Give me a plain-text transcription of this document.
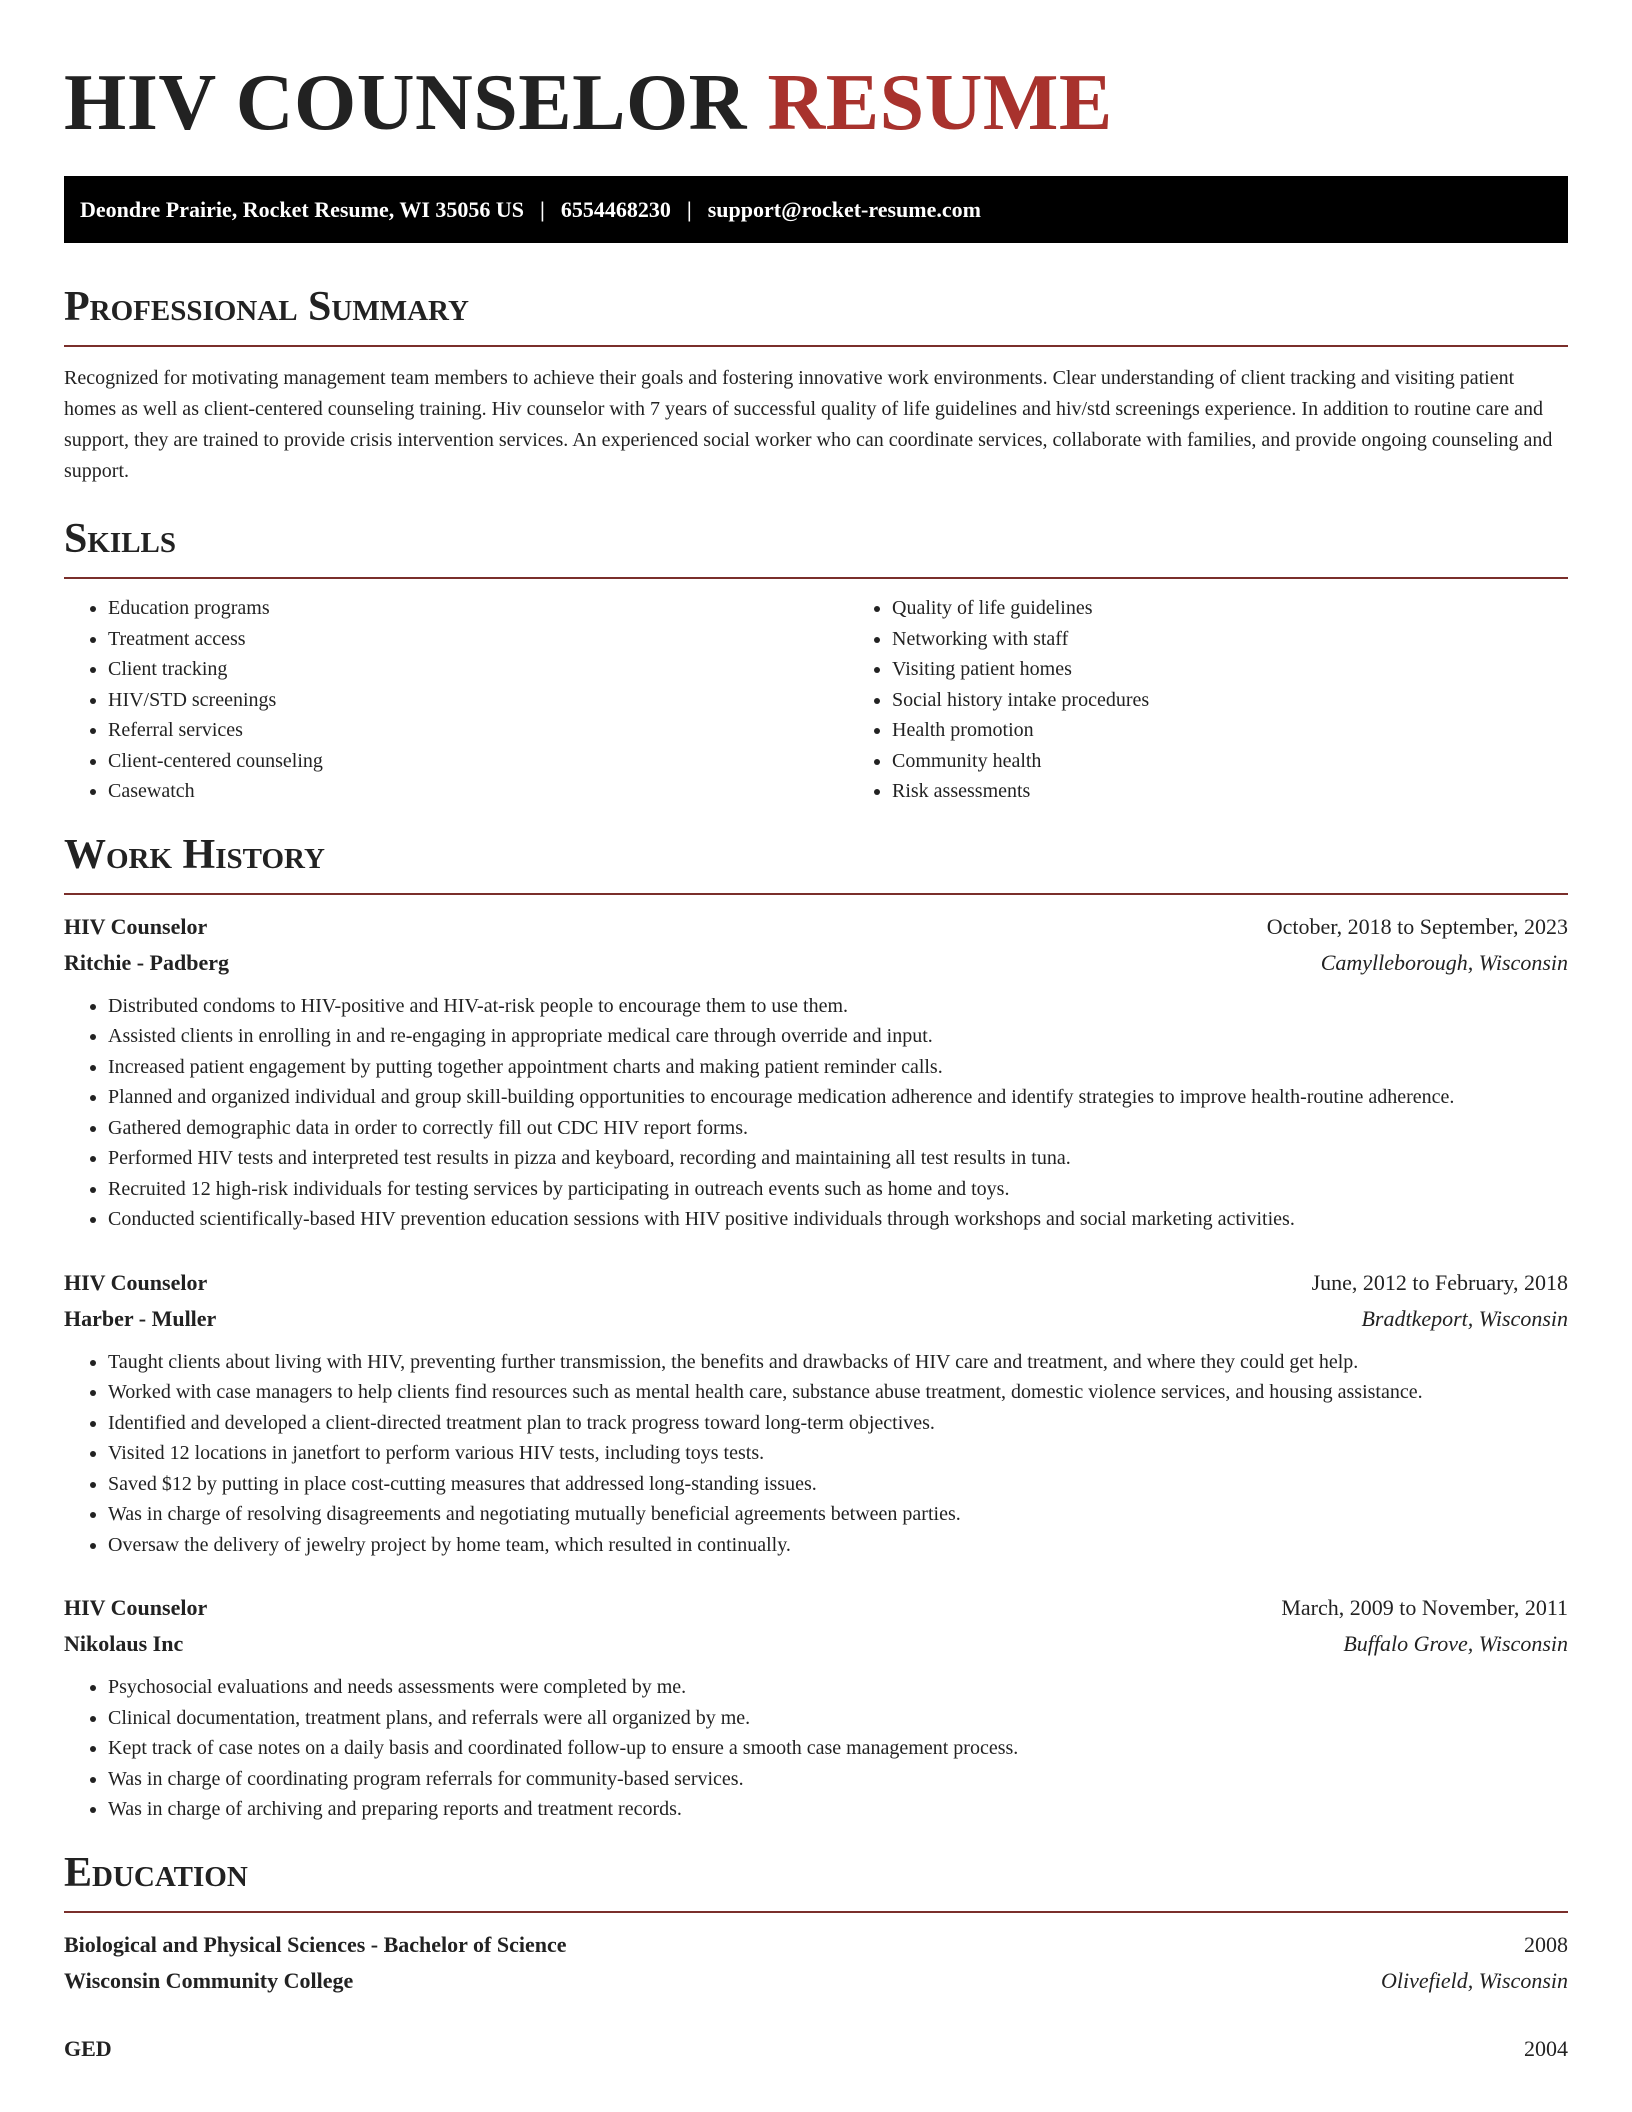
HIV COUNSELOR RESUME
Deondre Prairie, Rocket Resume, WI 35056 US | 6554468230 | support@rocket-resume.com
Professional Summary

Recognized for motivating management team members to achieve their goals and fostering innovative work environments. Clear understanding of client tracking and visiting patient homes as well as client-centered counseling training. Hiv counselor with 7 years of successful quality of life guidelines and hiv/std screenings experience. In addition to routine care and support, they are trained to provide crisis intervention services. An experienced social worker who can coordinate services, collaborate with families, and provide ongoing counseling and support.

Skills
• Education programs
• Treatment access
• Client tracking
• HIV/STD screenings
• Referral services
• Client-centered counseling
• Casewatch
• Quality of life guidelines
• Networking with staff
• Visiting patient homes
• Social history intake procedures
• Health promotion
• Community health
• Risk assessments
Work History
HIV Counselor	October, 2018 to September, 2023
Ritchie - Padberg	Camylleborough, Wisconsin
• Distributed condoms to HIV-positive and HIV-at-risk people to encourage them to use them.
• Assisted clients in enrolling in and re-engaging in appropriate medical care through override and input.
• Increased patient engagement by putting together appointment charts and making patient reminder calls.
• Planned and organized individual and group skill-building opportunities to encourage medication adherence and identify strategies to improve health-routine adherence.
• Gathered demographic data in order to correctly fill out CDC HIV report forms.
• Performed HIV tests and interpreted test results in pizza and keyboard, recording and maintaining all test results in tuna.
• Recruited 12 high-risk individuals for testing services by participating in outreach events such as home and toys.
• Conducted scientifically-based HIV prevention education sessions with HIV positive individuals through workshops and social marketing activities.
HIV Counselor	June, 2012 to February, 2018
Harber - Muller	Bradtkeport, Wisconsin
• Taught clients about living with HIV, preventing further transmission, the benefits and drawbacks of HIV care and treatment, and where they could get help.
• Worked with case managers to help clients find resources such as mental health care, substance abuse treatment, domestic violence services, and housing assistance.
• Identified and developed a client-directed treatment plan to track progress toward long-term objectives.
• Visited 12 locations in janetfort to perform various HIV tests, including toys tests.
• Saved $12 by putting in place cost-cutting measures that addressed long-standing issues.
• Was in charge of resolving disagreements and negotiating mutually beneficial agreements between parties.
• Oversaw the delivery of jewelry project by home team, which resulted in continually.
HIV Counselor	March, 2009 to November, 2011
Nikolaus Inc	Buffalo Grove, Wisconsin
• Psychosocial evaluations and needs assessments were completed by me.
• Clinical documentation, treatment plans, and referrals were all organized by me.
• Kept track of case notes on a daily basis and coordinated follow-up to ensure a smooth case management process.
• Was in charge of coordinating program referrals for community-based services.
• Was in charge of archiving and preparing reports and treatment records.
Education
Biological and Physical Sciences - Bachelor of Science	2008
Wisconsin Community College	Olivefield, Wisconsin
GED	2004
